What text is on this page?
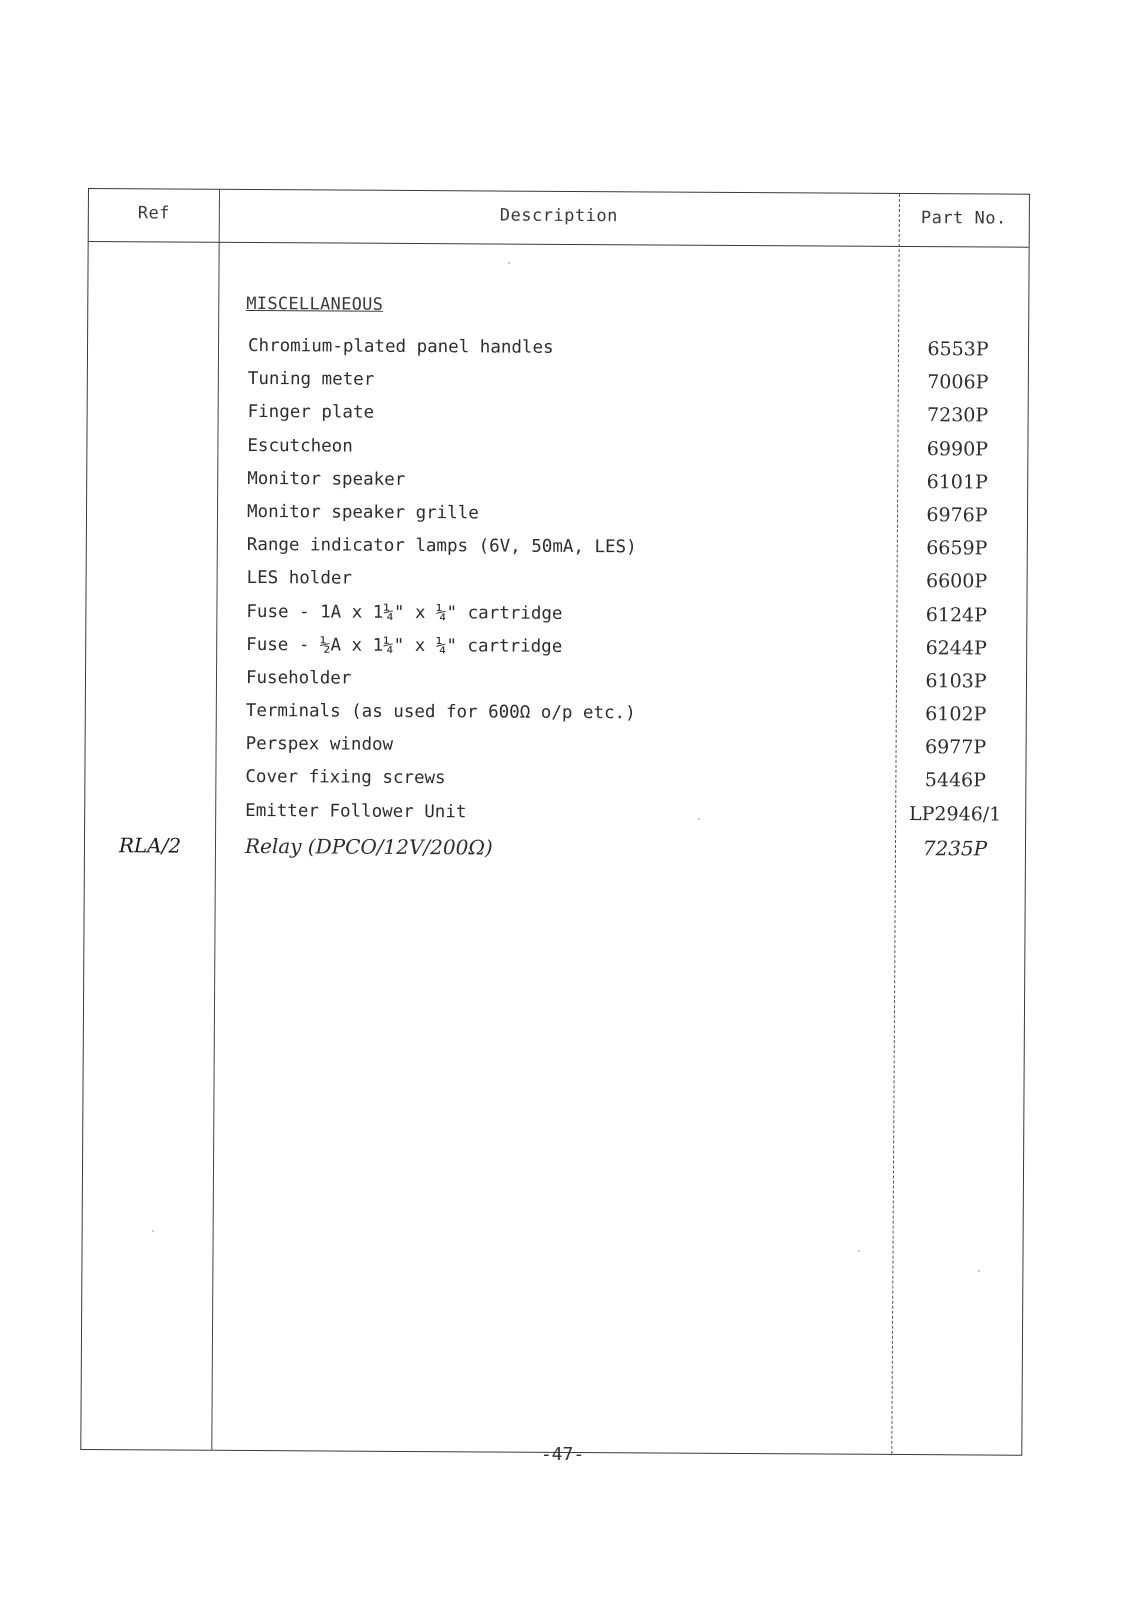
Ref	Description	Part No.
MISCELLANEOUS
Chromium-plated panel handles	6553P
Tuning meter	7006P
Finger plate	7230P
Escutcheon	6990P
Monitor speaker	6101P
Monitor speaker grille	6976P
Range indicator lamps (6V, 50mA, LES)	6659P
LES holder	6600P
Fuse - 1A x 1¼" x ¼" cartridge	6124P
Fuse - ½A x 1¼" x ¼" cartridge	6244P
Fuseholder	6103P
Terminals (as used for 600Ω o/p etc.)	6102P
Perspex window	6977P
Cover fixing screws	5446P
Emitter Follower Unit	LP2946/1
RLA/2	Relay (DPCO/12V/200Ω)	7235P
-47-
